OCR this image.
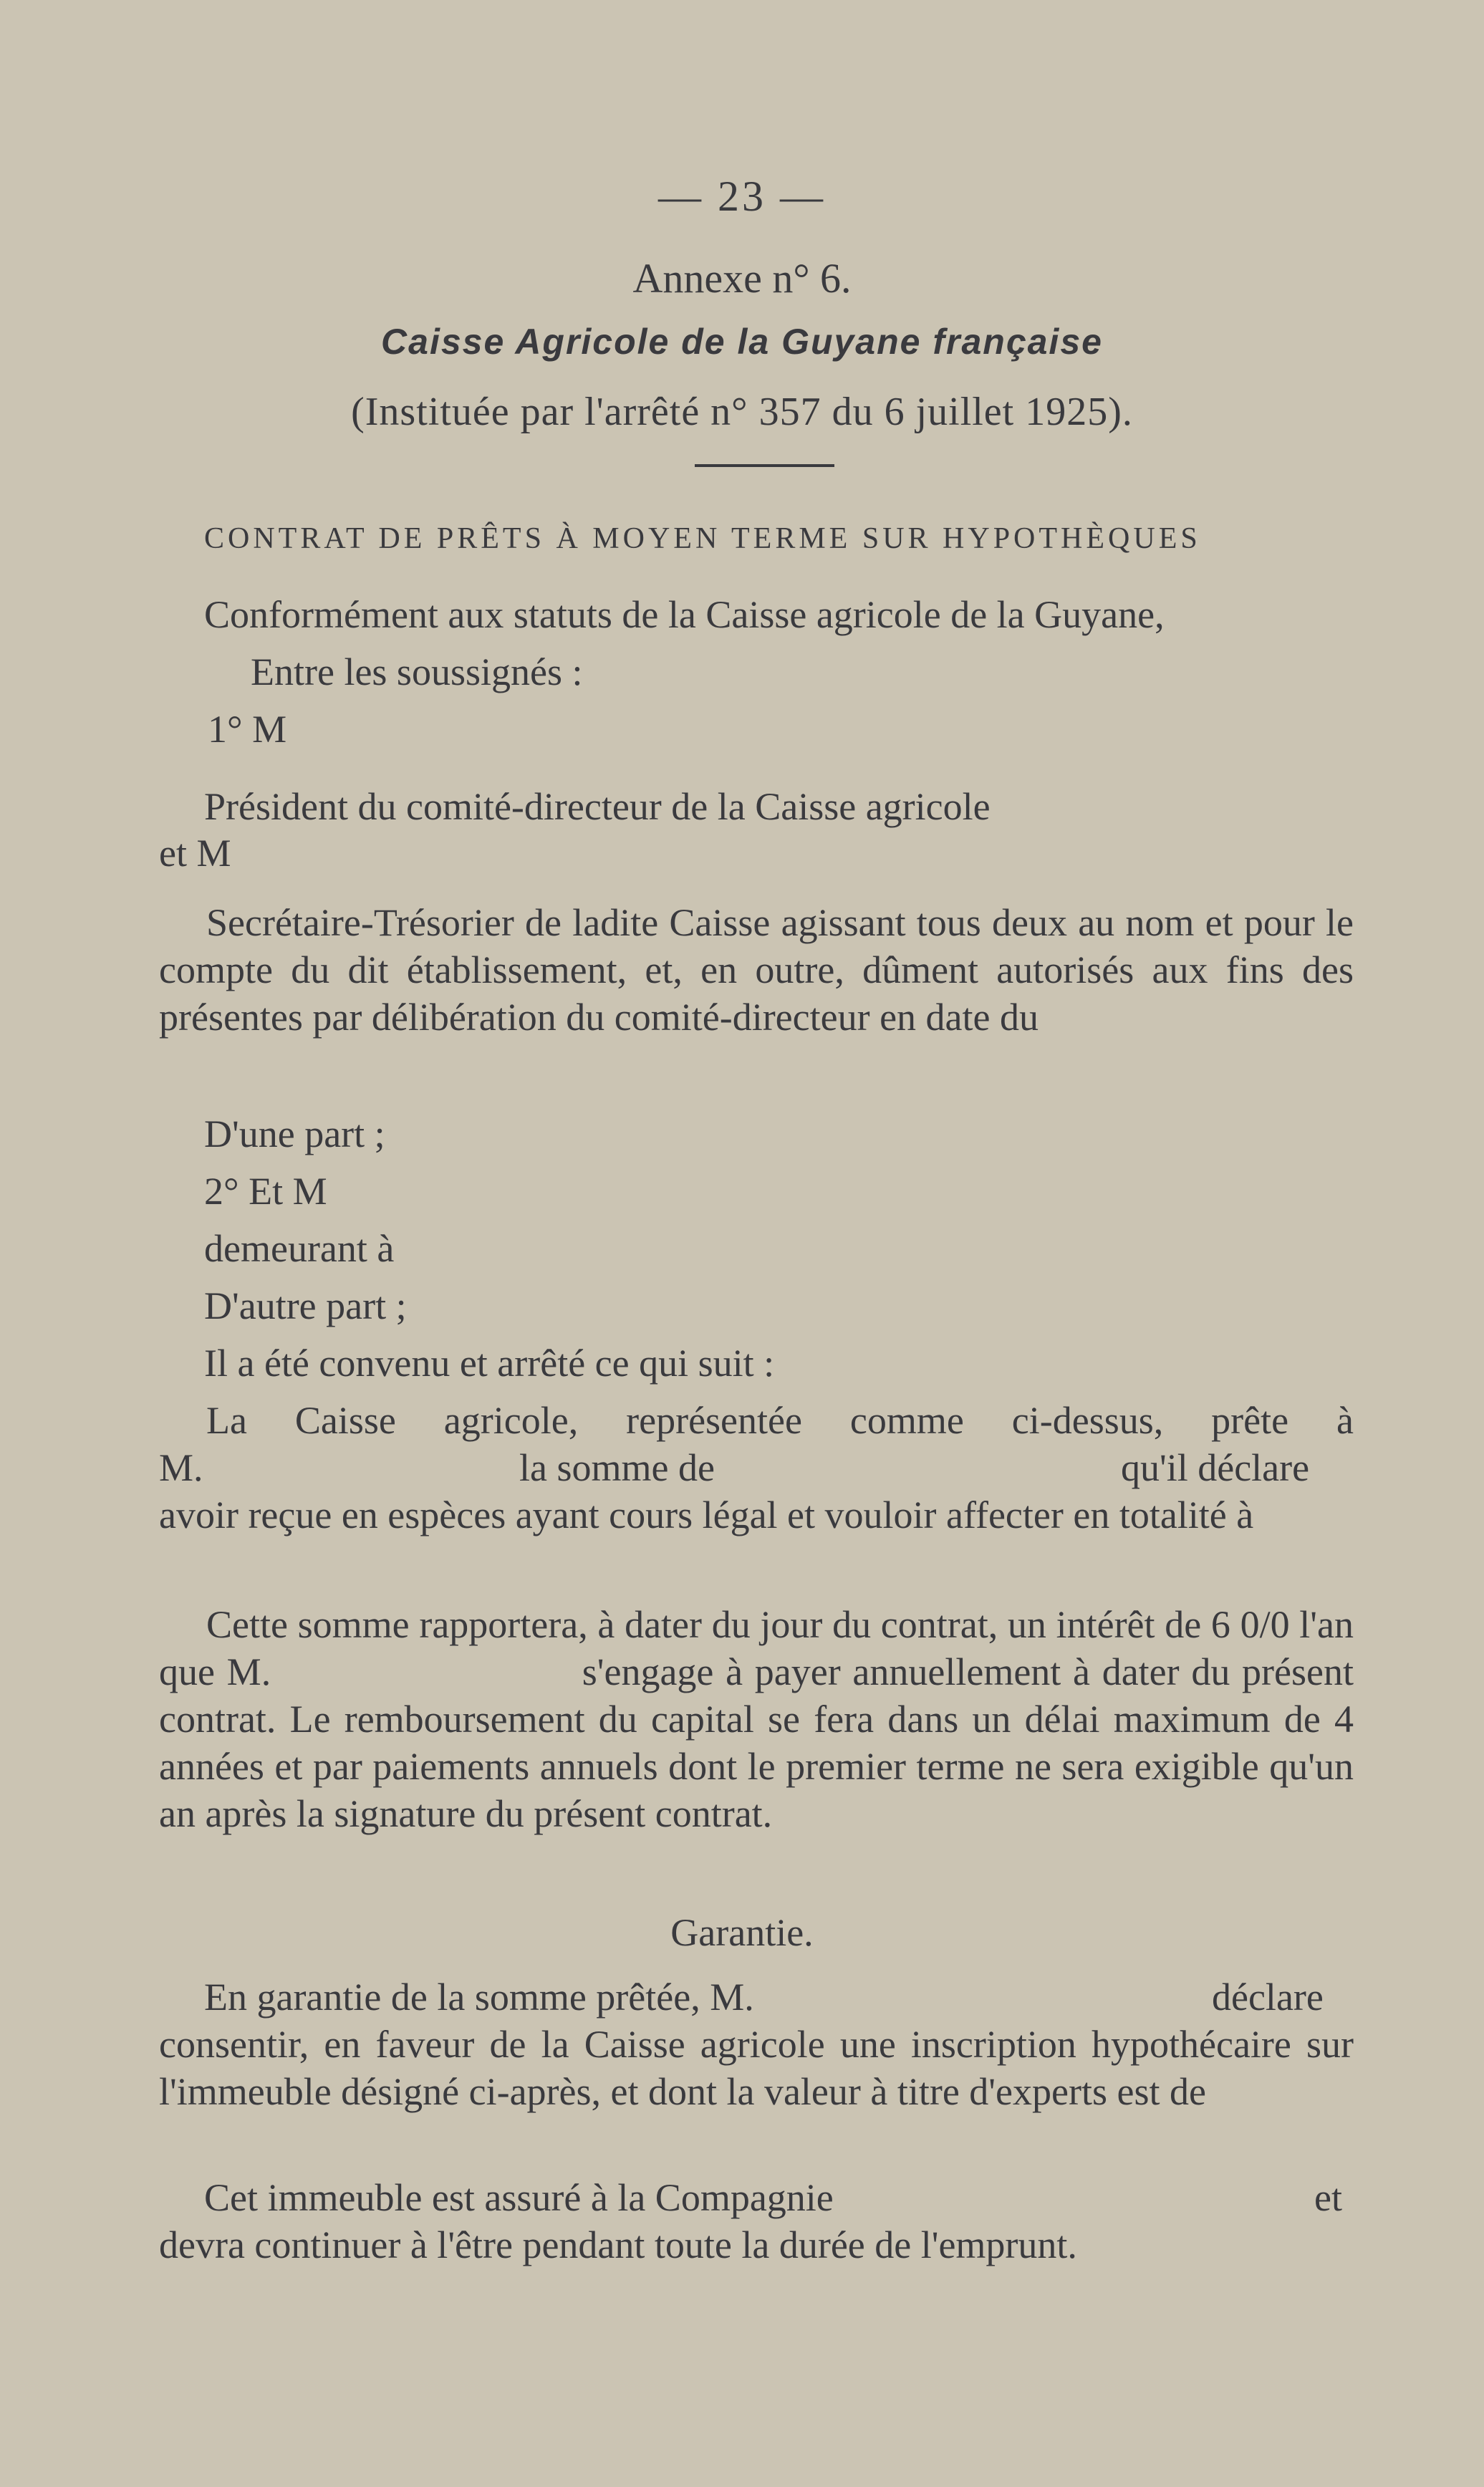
— 23 —
Annexe n° 6.
Caisse Agricole de la Guyane française
(Instituée par l'arrêté n° 357 du 6 juillet 1925).
CONTRAT DE PRÊTS À MOYEN TERME SUR HYPOTHÈQUES
Conformément aux statuts de la Caisse agricole de la Guyane,
Entre les soussignés :
1° M
Président du comité-directeur de la Caisse agricole
et M
Secrétaire-Trésorier de ladite Caisse agissant tous deux au nom et pour le compte du dit établissement, et, en outre, dûment autorisés aux fins des présentes par délibération du comité-directeur en date du
D'une part ;
2° Et M
demeurant à
D'autre part ;
Il a été convenu et arrêté ce qui suit :
La Caisse agricole, représentée comme ci-dessus, prête à
M.	la somme de	qu'il déclare
avoir reçue en espèces ayant cours légal et vouloir affecter en totalité à
Cette somme rapportera, à dater du jour du contrat, un intérêt de 6 0/0 l'an que M.                          s'engage à payer annuellement à dater du présent contrat. Le remboursement du capital se fera dans un délai maximum de 4 années et par paiements annuels dont le premier terme ne sera exigible qu'un an après la signature du présent contrat.
Garantie.
En garantie de la somme prêtée, M.	déclare
consentir, en faveur de la Caisse agricole une inscription hypothécaire sur l'immeuble désigné ci-après, et dont la valeur à titre d'experts est de
Cet immeuble est assuré à la Compagnie	et
devra continuer à l'être pendant toute la durée de l'emprunt.
